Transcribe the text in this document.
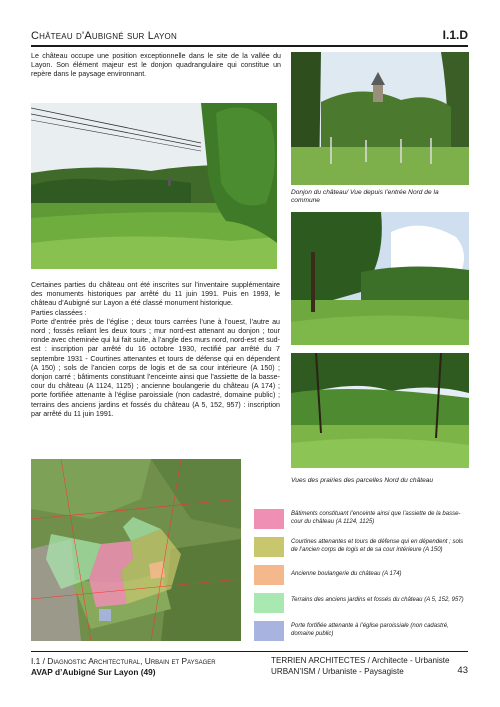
Château d'Aubigné sur Layon	I.1.D
Le château occupe une position exceptionnelle dans le site de la vallée du Layon. Son élément majeur est le donjon quadrangulaire qui constitue un repère dans le paysage environnant.
Donjon du château/ Vue depuis l’entrée Nord de la commune
Vues des prairies des parcelles Nord du château
Certaines parties du château ont été inscrites sur l’inventaire supplémentaire des monuments historiques par arrêté du 11 juin 1991. Puis en 1993, le château d’Aubigné sur Layon a été classé monument historique.
Parties classées :
Porte d’entrée près de l’église ; deux tours carrées l’une à l’ouest, l’autre au nord ; fossés reliant les deux tours ; mur nord-est attenant au donjon ; tour ronde avec cheminée qui lui fait suite, à l’angle des murs nord, nord-est et sud-est : inscription par arrêté du 16 octobre 1930, rectifié par arrêté du 7 septembre 1931 - Courtines attenantes et tours de défense qui en dépendent (A 150) ; sols de l’ancien corps de logis et de sa cour intérieure (A 150) ; donjon carré ; bâtiments constituant l’enceinte ainsi que l’assiette de la basse-cour du château (A 1124, 1125) ; ancienne boulangerie du château (A 174) ; porte fortifiée attenante à l’église paroissiale (non cadastré, domaine public) ; terrains des anciens jardins et fossés du château (A 5, 152, 957) : inscription par arrêté du 11 juin 1991.
Bâtiments constituant l’enceinte ainsi que l’assiette de la basse-cour du château (A 1124, 1125)
Courtines attenantes et tours de défense qui en dépendent ; sols de l’ancien corps de logis et de sa cour intérieure (A 150)
Ancienne boulangerie du château (A 174)
Terrains des anciens jardins et fossés du château (A 5, 152, 957)
Porte fortifiée attenante à l’église paroissiale (non cadastré, domaine public)
I.1 / Diagnostic Architectural, Urbain et Paysager
AVAP d’Aubigné Sur Layon (49)
TERRIEN ARCHITECTES / Architecte - Urbaniste
URBAN’ISM / Urbaniste - Paysagiste	43
